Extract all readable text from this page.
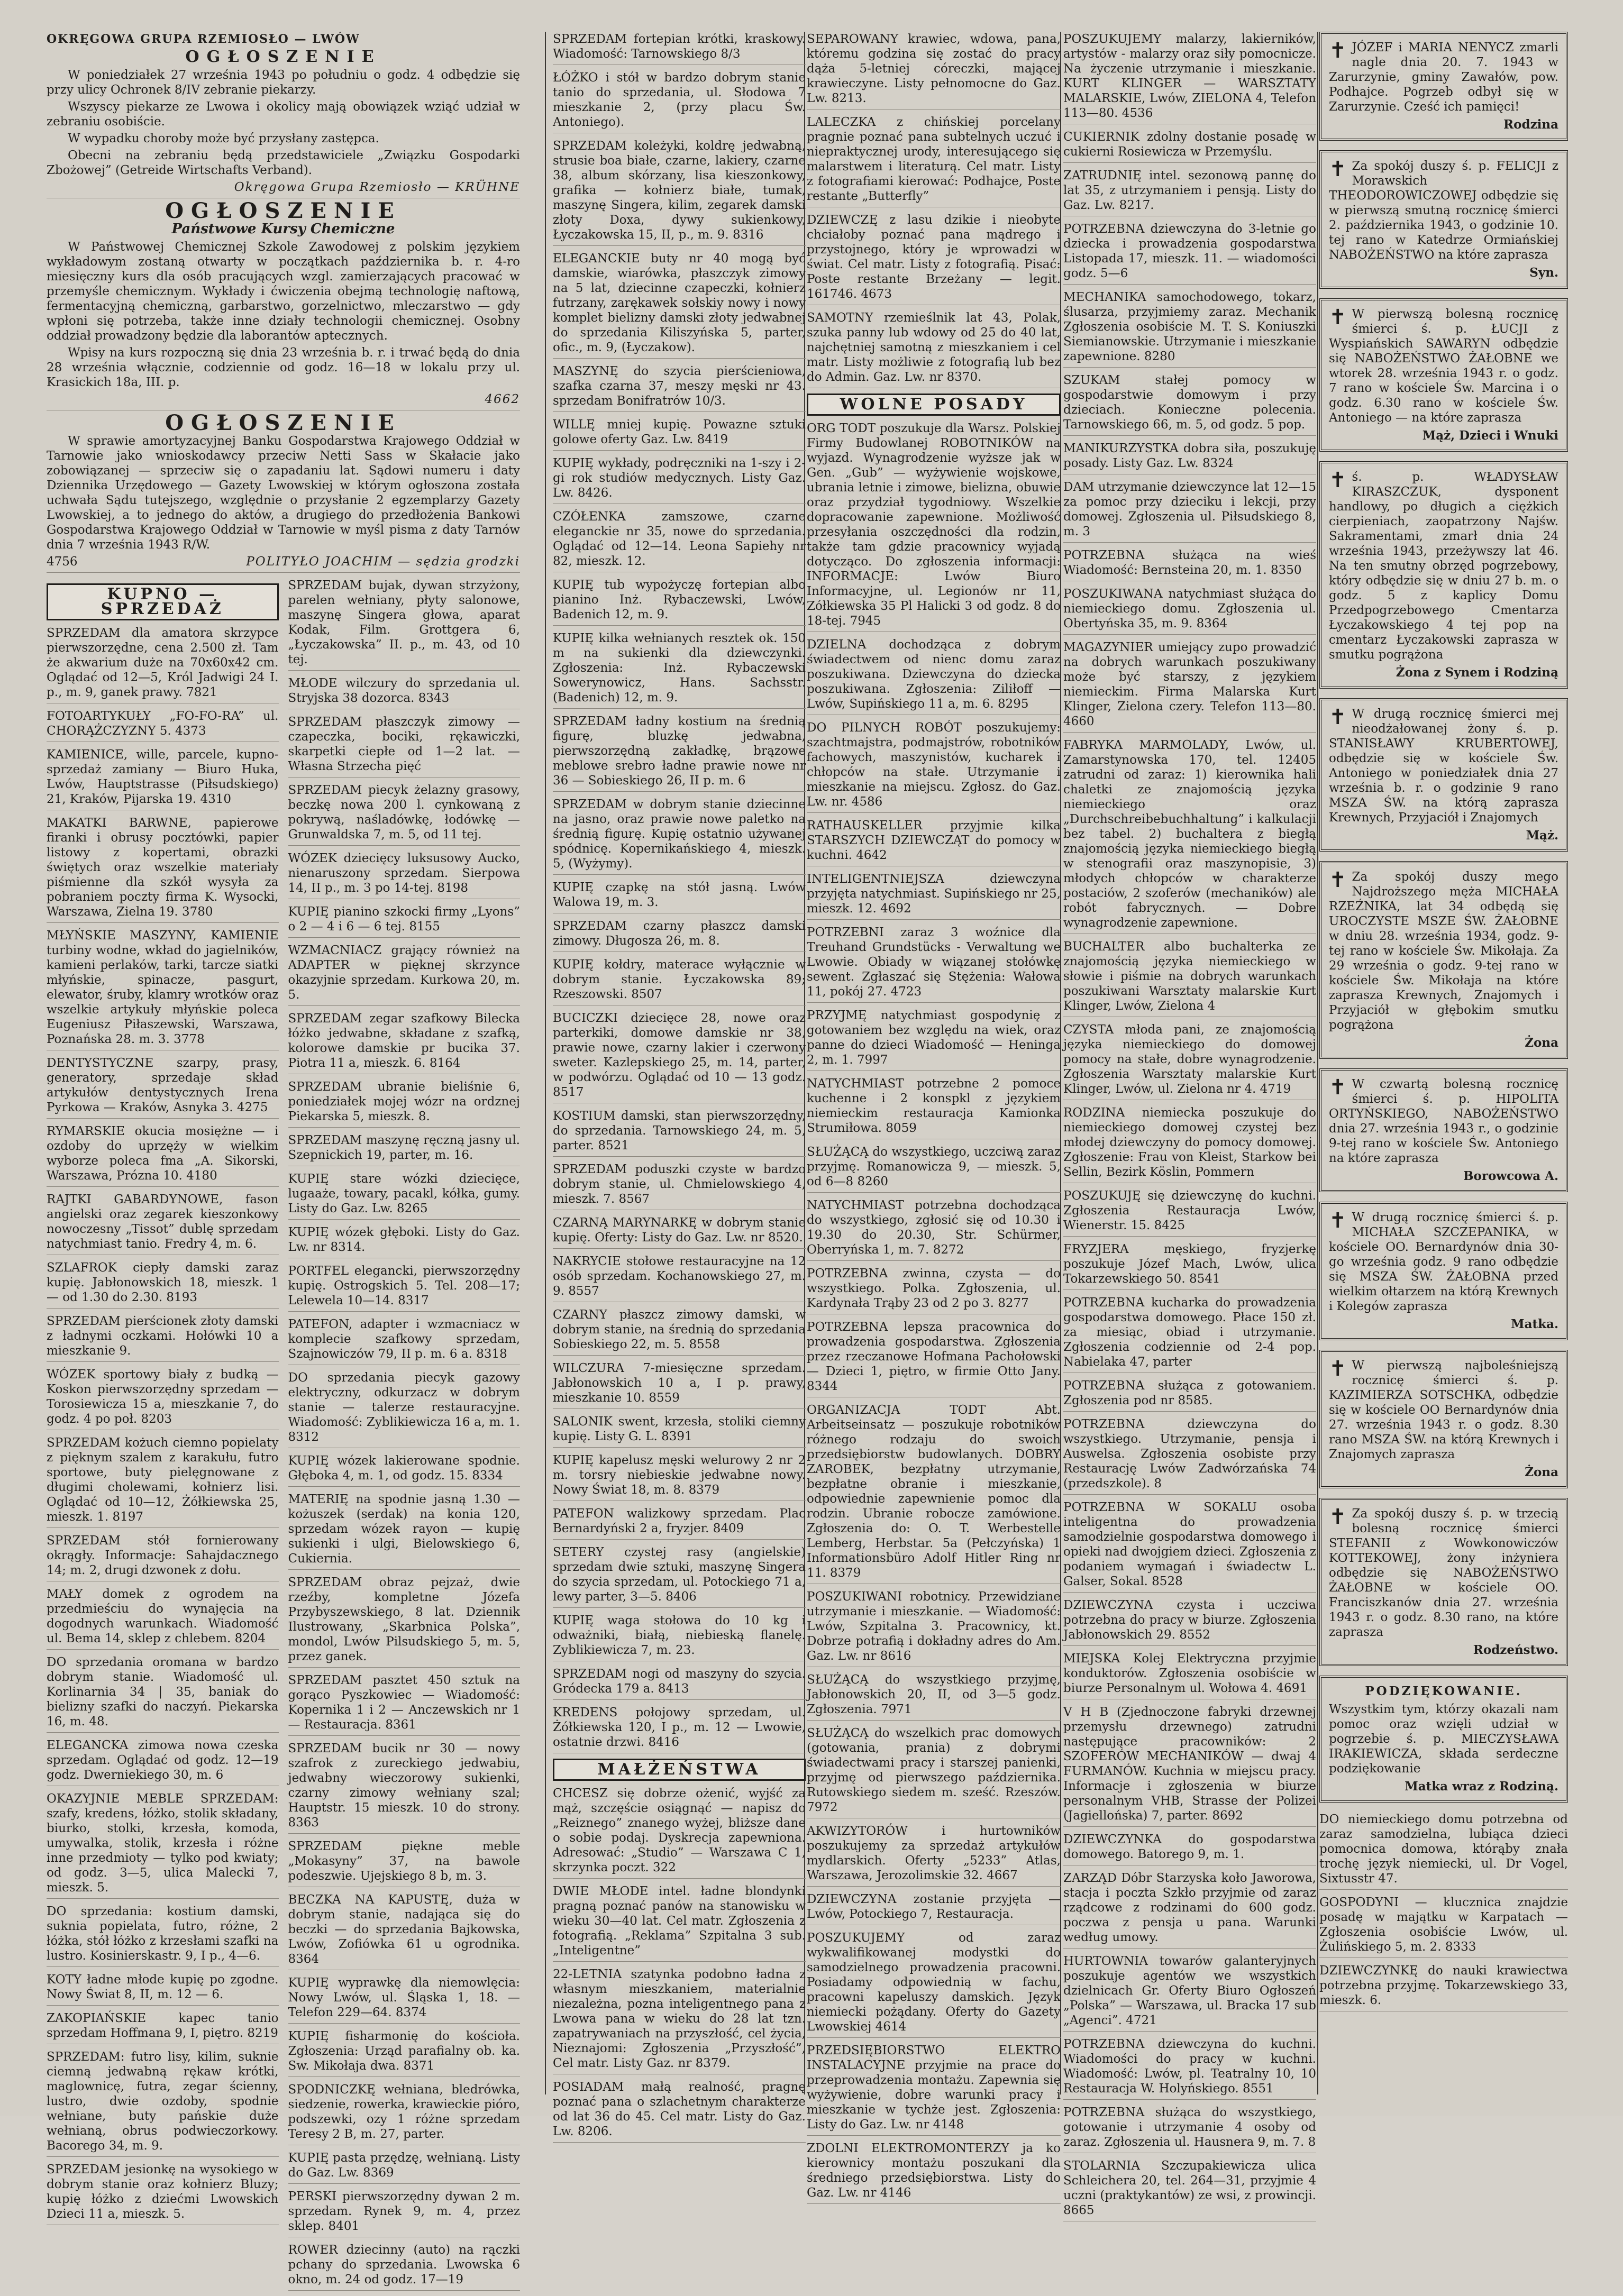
OKRĘGOWA GRUPA RZEMIOSŁO — LWÓW
OGŁOSZENIE

W poniedziałek 27 września 1943 po południu o godz. 4 odbędzie się przy ulicy Ochronek 8/IV zebranie piekarzy.

Wszyscy piekarze ze Lwowa i okolicy mają obowiązek wziąć udział w zebraniu osobiście.

W wypadku choroby może być przysłany zastępca.

Obecni na zebraniu będą przedstawiciele „Związku Gospodarki Zbożowej” (Getreide Wirtschafts Verband).

Okręgowa Grupa Rzemiosło — KRÜHNE
OGŁOSZENIE
Państwowe Kursy Chemiczne

W Państwowej Chemicznej Szkole Zawodowej z polskim językiem wykładowym zostaną otwarty w początkach października b. r. 4-ro miesięczny kurs dla osób pracujących wzgl. zamierzających pracować w przemyśle chemicznym. Wykłady i ćwiczenia obejmą technologię naftową, fermentacyjną chemiczną, garbarstwo, gorzelnictwo, mleczarstwo — gdy wpłoni się potrzeba, także inne działy technologii chemicznej. Osobny oddział prowadzony będzie dla laborantów aptecznych.

Wpisy na kurs rozpoczną się dnia 23 września b. r. i trwać będą do dnia 28 września włącznie, codziennie od godz. 16—18 w lokalu przy ul. Krasickich 18a, III. p.

4662
OGŁOSZENIE

W sprawie amortyzacyjnej Banku Gospodarstwa Krajowego Oddział w Tarnowie jako wnioskodawcy przeciw Netti Sass w Skałacie jako zobowiązanej — sprzeciw się o zapadaniu lat. Sądowi numeru i daty Dziennika Urzędowego — Gazety Lwowskiej w którym ogłoszona została uchwała Sądu tutejszego, względnie o przysłanie 2 egzemplarzy Gazety Lwowskiej, a to jednego do aktów, a drugiego do przedłożenia Bankowi Gospodarstwa Krajowego Oddział w Tarnowie w myśl pisma z daty Tarnów dnia 7 września 1943 R/W.

4756	POLITYŁO JOACHIM — sędzia grodzki
KUPNO — SPRZEDAŻ
SPRZEDAM dla amatora skrzypce pierwszorzędne, cena 2.500 zł. Tam że akwarium duże na 70x60x42 cm. Oglądać od 12—5, Król Jadwigi 24 I. p., m. 9, ganek prawy. 7821
FOTOARTYKUŁY „FO-FO-RA” ul. CHORĄŻCZYZNY 5. 4373
KAMIENICE, wille, parcele, kupno-sprzedaż zamiany — Biuro Huka, Lwów, Hauptstrasse (Piłsudskiego) 21, Kraków, Pijarska 19. 4310
MAKATKI BARWNE, papierowe firanki i obrusy pocztówki, papier listowy z kopertami, obrazki świętych oraz wszelkie materiały piśmienne dla szkół wysyła za pobraniem poczty firma K. Wysocki, Warszawa, Zielna 19. 3780
MŁYŃSKIE MASZYNY, KAMIENIE turbiny wodne, wkład do jagielników, kamieni perlaków, tarki, tarcze siatki młyńskie, spinacze, pasgurt, elewator, śruby, klamry wrotków oraz wszelkie artykuły młyńskie poleca Eugeniusz Piłaszewski, Warszawa, Poznańska 28. m. 3. 3778
DENTYSTYCZNE szarpy, prasy, generatory, sprzedaje skład artykułów dentystycznych Irena Pyrkowa — Kraków, Asnyka 3. 4275
RYMARSKIE okucia mosiężne — i ozdoby do uprzęży w wielkim wyborze poleca fma „A. Sikorski, Warszawa, Prózna 10. 4180
RAJTKI GABARDYNOWE, fason angielski oraz zegarek kieszonkowy nowoczesny „Tissot” dublę sprzedam natychmiast tanio. Fredry 4, m. 6.
SZLAFROK ciepły damski zaraz kupię. Jabłonowskich 18, mieszk. 1 — od 1.30 do 2.30. 8193
SPRZEDAM pierścionek złoty damski z ładnymi oczkami. Hołówki 10 a mieszkanie 9.
WÓZEK sportowy biały z budką — Koskon pierwszorzędny sprzedam — Torosiewicza 15 a, mieszkanie 7, do godz. 4 po poł. 8203
SPRZEDAM kożuch ciemno popielaty z pięknym szalem z karakułu, futro sportowe, buty pielęgnowane z długimi cholewami, kołnierz lisi. Oglądać od 10—12, Żółkiewska 25, mieszk. 1. 8197
SPRZEDAM stół fornierowany okrągły. Informacje: Sahajdacznego 14; m. 2, drugi dzwonek z dołu.
MAŁY domek z ogrodem na przedmieściu do wynajęcia na dogodnych warunkach. Wiadomość ul. Bema 14, sklep z chlebem. 8204
DO sprzedania oromana w bardzo dobrym stanie. Wiadomość ul. Korlinarnia 34 | 35, baniak do bielizny szafki do naczyń. Piekarska 16, m. 48.
ELEGANCKA zimowa nowa czeska sprzedam. Oglądać od godz. 12—19 godz. Dwerniekiego 30, m. 6
OKAZYJNIE MEBLE SPRZEDAM: szafy, kredens, łóżko, stolik składany, biurko, stolki, krzesła, komoda, umywalka, stolik, krzesła i różne inne przedmioty — tylko pod kwiaty; od godz. 3—5, ulica Malecki 7, mieszk. 5.
DO sprzedania: kostium damski, suknia popielata, futro, różne, 2 łóżka, stół łóżko z krzesłami szafki na lustro. Kosinierskastr. 9, I p., 4—6.
KOTY ładne młode kupię po zgodne. Nowy Świat 8, II, m. 12 — 6.
ZAKOPIAŃSKIE kapec tanio sprzedam Hoffmana 9, I, piętro. 8219
SPRZEDAM: futro lisy, kilim, suknie ciemną jedwabną rękaw krótki, maglownicę, futra, zegar ścienny, lustro, dwie ozdoby, spodnie wełniane, buty pańskie duże wełnianą, obrus podwieczorkowy. Bacorego 34, m. 9.
SPRZEDAM jesionkę na wysokiego w dobrym stanie oraz kołnierz Bluzy; kupię łóżko z dziećmi Lwowskich Dzieci 11 a, mieszk. 5.
SPRZEDAM bujak, dywan strzyżony, parelen wełniany, płyty salonowe, maszynę Singera głowa, aparat Kodak, Film. Grottgera 6, „Łyczakowska” II. p., m. 43, od 10 tej.
MŁODE wilczury do sprzedania ul. Stryjska 38 dozorca. 8343
SPRZEDAM płaszczyk zimowy — czapeczka, bociki, rękawiczki, skarpetki ciepłe od 1—2 lat. — Własna Strzecha pięć
SPRZEDAM piecyk żelazny grasowy, beczkę nowa 200 l. cynkowaną z pokrywą, naśladówkę, łodówkę — Grunwaldska 7, m. 5, od 11 tej.
WÓZEK dziecięcy luksusowy Aucko, nienaruszony sprzedam. Sierpowa 14, II p., m. 3 po 14-tej. 8198
KUPIĘ pianino szkocki firmy „Lyons” o 2 — 4 i 6 — 6 tej. 8155
WZMACNIACZ grający również na ADAPTER w pięknej skrzynce okazyjnie sprzedam. Kurkowa 20, m. 5.
SPRZEDAM zegar szafkowy Bilecka łóżko jedwabne, składane z szafką, kolorowe damskie pr bucika 37. Piotra 11 a, mieszk. 6. 8164
SPRZEDAM ubranie bieliśnie 6, poniedziałek mojej wózr na ordznej Piekarska 5, mieszk. 8.
SPRZEDAM maszynę ręczną jasny ul. Szepnickich 19, parter, m. 16.
KUPIĘ stare wózki dziecięce, lugaaże, towary, pacakl, kółka, gumy. Listy do Gaz. Lw. 8265
KUPIĘ wózek głęboki. Listy do Gaz. Lw. nr 8314.
PORTFEL elegancki, pierwszorzędny kupię. Ostrogskich 5. Tel. 208—17; Lelewela 10—14. 8317
PATEFON, adapter i wzmacniacz w komplecie szafkowy sprzedam, Szajnowiczów 79, II p. m. 6 a. 8318
DO sprzedania piecyk gazowy elektryczny, odkurzacz w dobrym stanie — talerze restauracyjne. Wiadomość: Zyblikiewicza 16 a, m. 1. 8312
KUPIĘ wózek lakierowane spodnie. Głęboka 4, m. 1, od godz. 15. 8334
MATERIĘ na spodnie jasną 1.30 — kożuszek (serdak) na konia 120, sprzedam wózek rayon — kupię sukienki i ulgi, Bielowskiego 6, Cukiernia.
SPRZEDAM obraz pejzaż, dwie rzeźby, kompletne Józefa Przybyszewskiego, 8 lat. Dziennik Ilustrowany, „Skarbnica Polska”, mondol, Lwów Pilsudskiego 5, m. 5, przez ganek.
SPRZEDAM pasztet 450 sztuk na gorąco Pyszkowiec — Wiadomość: Kopernika 1 i 2 — Anczewskich nr 1 — Restauracja. 8361
SPRZEDAM bucik nr 30 — nowy szafrok z zureckiego jedwabiu, jedwabny wieczorowy sukienki, czarny zimowy wełniany szal; Hauptstr. 15 mieszk. 10 do strony. 8363
SPRZEDAM piękne meble „Mokasyny” 37, na bawole podeszwie. Ujejskiego 8 b, m. 3.
BECZKA NA KAPUSTĘ, duża w dobrym stanie, nadająca się do beczki — do sprzedania Bajkowska, Lwów, Zofiówka 61 u ogrodnika. 8364
KUPIĘ wyprawkę dla niemowlęcia: Nowy Lwów, ul. Śląska 1, 18. — Telefon 229—64. 8374
KUPIĘ fisharmonię do kościoła. Zgłoszenia: Urząd parafialny ob. ka. Sw. Mikołaja dwa. 8371
SPODNICZKĘ wełniana, bledrówka, siedzenie, rowerka, krawieckie pióro, podszewki, ozy 1 różne sprzedam Teresy 2 B, m. 27, parter.
KUPIĘ pasta przędzę, wełnianą. Listy do Gaz. Lw. 8369
PERSKI pierwszorzędny dywan 2 m. sprzedam. Rynek 9, m. 4, przez sklep. 8401
ROWER dziecinny (auto) na rączki pchany do sprzedania. Lwowska 6 okno, m. 24 od godz. 17—19
SPRZEDAM fortepian krótki, kraskowy. Wiadomość: Tarnowskiego 8/3
ŁÓŻKO i stół w bardzo dobrym stanie tanio do sprzedania, ul. Słodowa 7 mieszkanie 2, (przy placu Św. Antoniego).
SPRZEDAM koleżyki, koldrę jedwabną, strusie boa białe, czarne, lakiery, czarne 38, album skórzany, lisa kieszonkowy, grafika — kołnierz białe, tumak, maszynę Singera, kilim, zegarek damski złoty Doxa, dywy sukienkowy, Łyczakowska 15, II, p., m. 9. 8316
ELEGANCKIE buty nr 40 mogą być damskie, wiarówka, płaszczyk zimowy na 5 lat, dziecinne czapeczki, kołnierz futrzany, zarękawek sołskiy nowy i nowy komplet bielizny damski złoty jedwabnej do sprzedania Kiliszyńska 5, parter, ofic., m. 9, (Łyczakow).
MASZYNĘ do szycia pierścieniowa, szafka czarna 37, meszy męski nr 43. sprzedam Bonifratrów 10/3.
WILLĘ mniej kupię. Powazne sztuki golowe oferty Gaz. Lw. 8419
KUPIĘ wykłady, podręczniki na 1-szy i 2-gi rok studiów medycznych. Listy Gaz. Lw. 8426.
CZÓŁENKA zamszowe, czarne eleganckie nr 35, nowe do sprzedania. Oglądać od 12—14. Leona Sapiehy nr 82, mieszk. 12.
KUPIĘ tub wypożyczę fortepian albo pianino Inż. Rybaczewski, Lwów, Badenich 12, m. 9.
KUPIĘ kilka wełnianych resztek ok. 150 m na sukienki dla dziewczynki. Zgłoszenia: Inż. Rybaczewski Sowerynowicz, Hans. Sachsstr. (Badenich) 12, m. 9.
SPRZEDAM ładny kostium na średnią figurę, bluzkę jedwabna, pierwszorzędną zakładkę, brązowe meblowe srebro ładne prawie nowe nr 36 — Sobieskiego 26, II p. m. 6
SPRZEDAM w dobrym stanie dziecinne na jasno, oraz prawie nowe paletko na średnią figurę. Kupię ostatnio używanej spódnicę. Kopernikańskiego 4, mieszk. 5, (Wyżymy).
KUPIĘ czapkę na stół jasną. Lwów Walowa 19, m. 3.
SPRZEDAM czarny płaszcz damski zimowy. Długosza 26, m. 8.
KUPIĘ kołdry, materace wyłącznie w dobrym stanie. Łyczakowska 89; Rzeszowski. 8507
BUCICZKI dziecięce 28, nowe oraz parterkiki, domowe damskie nr 38, prawie nowe, czarny lakier i czerwony sweter. Kazlepskiego 25, m. 14, parter, w podwórzu. Oglądać od 10 — 13 godz. 8517
KOSTIUM damski, stan pierwszorzędny, do sprzedania. Tarnowskiego 24, m. 5, parter. 8521
SPRZEDAM poduszki czyste w bardzo dobrym stanie, ul. Chmielowskiego 4, mieszk. 7. 8567
CZARNĄ MARYNARKĘ w dobrym stanie kupię. Oferty: Listy do Gaz. Lw. nr 8520.
NAKRYCIE stołowe restauracyjne na 12 osób sprzedam. Kochanowskiego 27, m. 9. 8557
CZARNY płaszcz zimowy damski, w dobrym stanie, na średnią do sprzedania Sobieskiego 22, m. 5. 8558
WILCZURA 7-miesięczne sprzedam. Jabłonowskich 10 a, I p. prawy, mieszkanie 10. 8559
SALONIK swent, krzesła, stoliki ciemny kupię. Listy G. L. 8391
KUPIĘ kapelusz męski welurowy 2 nr 2 m. torsry niebieskie jedwabne nowy. Nowy Świat 18, m. 8. 8379
PATEFON walizkowy sprzedam. Plac Bernardyński 2 a, fryzjer. 8409
SETERY czystej rasy (angielskie) sprzedam dwie sztuki, maszynę Singera do szycia sprzedam, ul. Potockiego 71 a, lewy parter, 3—5. 8406
KUPIĘ waga stołowa do 10 kg i odważniki, białą, niebieską flanelę. Zyblikiewicza 7, m. 23.
SPRZEDAM nogi od maszyny do szycia. Gródecka 179 a. 8413
KREDENS połojowy sprzedam, ul. Żółkiewska 120, I p., m. 12 — Lwowie, ostatnie drzwi. 8416
MAŁŻEŃSTWA
CHCESZ się dobrze ożenić, wyjść za mąż, szczęście osiągnąć — napisz do „Reiznego” znanego wyżej, bliższe dane o sobie podaj. Dyskrecja zapewniona. Adresować: „Studio” — Warszawa C 1, skrzynka poczt. 322
DWIE MŁODE intel. ładne blondynki pragną poznać panów na stanowisku w wieku 30—40 lat. Cel matr. Zgłoszenia z fotografią. „Reklama” Szpitalna 3 sub. „Inteligentne”
22-LETNIA szatynka podobno ładna z własnym mieszkaniem, materialnie niezależna, pozna inteligentnego pana z Lwowa pana w wieku do 28 lat tzn. zapatrywaniach na przyszłość, cel życia, Nieznajomi: Zgłoszenia „Przyszłość”, Cel matr. Listy Gaz. nr 8379.
POSIADAM małą realność, pragnę poznać pana o szlachetnym charakterze od lat 36 do 45. Cel matr. Listy do Gaz. Lw. 8206.
SEPAROWANY krawiec, wdowa, pana, któremu godzina się zostać do pracy dąża 5-letniej córeczki, mającej krawieczyne. Listy pełnomocne do Gaz. Lw. 8213.
LALECZKA z chińskiej porcelany pragnie poznać pana subtelnych uczuć i niepraktycznej urody, interesującego się malarstwem i literaturą. Cel matr. Listy z fotografiami kierować: Podhajce, Poste restante „Butterfly”
DZIEWCZĘ z lasu dzikie i nieobyte chciałoby poznać pana mądrego i przystojnego, który je wprowadzi w świat. Cel matr. Listy z fotografią. Pisać: Poste restante Brzeżany — legit. 161746. 4673
SAMOTNY rzemieślnik lat 43, Polak, szuka panny lub wdowy od 25 do 40 lat, najchętniej samotną z mieszkaniem i cel matr. Listy możliwie z fotografią lub bez do Admin. Gaz. Lw. nr 8370.
WOLNE POSADY
ORG TODT poszukuje dla Warsz. Polskiej Firmy Budowlanej ROBOTNIKÓW na wyjazd. Wynagrodzenie wyższe jak w Gen. „Gub” — wyżywienie wojskowe, ubrania letnie i zimowe, bielizna, obuwie oraz przydział tygodniowy. Wszelkie dopracowanie zapewnione. Możliwość przesyłania oszczędności dla rodzin, także tam gdzie pracownicy wyjadą dotycząco. Do zgłoszenia informacji: INFORMACJE: Lwów Biuro Informacyjne, ul. Legionów nr 11, Zółkiewska 35 Pl Halicki 3 od godz. 8 do 18-tej. 7945
DZIELNA dochodząca z dobrym świadectwem od nienc domu zaraz poszukiwana. Dziewczyna do dziecka poszukiwana. Zgłoszenia: Ziliłoff — Lwów, Supińskiego 11 a, m. 6. 8295
DO PILNYCH ROBÓT poszukujemy: szachtmajstra, podmajstrów, robotników fachowych, maszynistów, kucharek i chłopców na stałe. Utrzymanie i mieszkanie na miejscu. Zgłosz. do Gaz. Lw. nr. 4586
RATHAUSKELLER przyjmie kilka STARSZYCH DZIEWCZĄT do pomocy w kuchni. 4642
INTELIGENTNIEJSZA dziewczyna przyjęta natychmiast. Supińskiego nr 25, mieszk. 12. 4692
POTRZEBNI zaraz 3 woźnice dla Treuhand Grundstücks - Verwaltung we Lwowie. Obiady w wiązanej stołówkę sewent. Zgłaszać się Stężenia: Wałowa 11, pokój 27. 4723
PRZYJMĘ natychmiast gospodynię z gotowaniem bez względu na wiek, oraz panne do dzieci Wiadomość — Heninga 2, m. 1. 7997
NATYCHMIAST potrzebne 2 pomoce kuchenne i 2 konspkl z językiem niemieckim restauracja Kamionka Strumiłowa. 8059
SŁUŻĄCĄ do wszystkiego, uczciwą zaraz przyjmę. Romanowicza 9, — mieszk. 5, od 6—8 8260
NATYCHMIAST potrzebna dochodząca do wszystkiego, zgłosić się od 10.30 i 19.30 do 20.30, Str. Schürmer, Oberryńska 1, m. 7. 8272
POTRZEBNA zwinna, czysta — do wszystkiego. Polka. Zgłoszenia, ul. Kardynała Trąby 23 od 2 po 3. 8277
POTRZEBNA lepsza pracownica do prowadzenia gospodarstwa. Zgłoszenia przez rzeczanowe Hofmana Pachołowski — Dzieci 1, piętro, w firmie Otto Jany. 8344
ORGANIZACJA TODT Abt. Arbeitseinsatz — poszukuje robotników różnego rodzaju do swoich przedsiębiorstw budowlanych. DOBRY ZAROBEK, bezpłatny utrzymanie, bezpłatne obranie i mieszkanie, odpowiednie zapewnienie pomoc dla rodzin. Ubranie robocze zamówione. Zgłoszenia do: O. T. Werbestelle Lemberg, Herbstar. 5a (Pełczyńska) 1 Informationsbüro Adolf Hitler Ring nr 11. 8379
POSZUKIWANI robotnicy. Przewidziane utrzymanie i mieszkanie. — Wiadomość: Lwów, Szpitalna 3. Pracownicy, kt. Dobrze potrafią i dokładny adres do Am. Gaz. Lw. nr 8616
SŁUŻĄCĄ do wszystkiego przyjmę, Jabłonowskich 20, II, od 3—5 godz. Zgłoszenia. 7971
SŁUŻĄCĄ do wszelkich prac domowych (gotowania, prania) z dobrymi świadectwami pracy i starszej panienki, przyjmę od pierwszego października. Rutowskiego siedem m. sześć. Rzeszów. 7972
AKWIZYTORÓW i hurtowników poszukujemy za sprzedaż artykułów mydlarskich. Oferty „5233” Atlas, Warszawa, Jerozolimskie 32. 4667
DZIEWCZYNA zostanie przyjęta — Lwów, Potockiego 7, Restauracja.
POSZUKUJEMY od zaraz wykwalifikowanej modystki do samodzielnego prowadzenia pracowni. Posiadamy odpowiednią w fachu, pracowni kapeluszy damskich. Język niemiecki pożądany. Oferty do Gazety Lwowskiej 4614
PRZEDSIĘBIORSTWO ELEKTRO INSTALACYJNE przyjmie na prace do przeprowadzenia montażu. Zapewnia się wyżywienie, dobre warunki pracy i mieszkanie w tychże jest. Zgłoszenia: Listy do Gaz. Lw. nr 4148
ZDOLNI ELEKTROMONTERZY ja ko kierownicy montażu poszukani dla średniego przedsiębiorstwa. Listy do Gaz. Lw. nr 4146
POSZUKUJEMY malarzy, lakierników, artystów - malarzy oraz siły pomocnicze. Na życzenie utrzymanie i mieszkanie. KURT KLINGER — WARSZTATY MALARSKIE, Lwów, ZIELONA 4, Telefon 113—80. 4536
CUKIERNIK zdolny dostanie posadę w cukierni Rosiewicza w Przemyślu.
ZATRUDNIĘ intel. sezonową pannę do lat 35, z utrzymaniem i pensją. Listy do Gaz. Lw. 8217.
POTRZEBNA dziewczyna do 3-letnie go dziecka i prowadzenia gospodarstwa Listopada 17, mieszk. 11. — wiadomości godz. 5—6
MECHANIKA samochodowego, tokarz, ślusarza, przyjmiemy zaraz. Mechanik Zgłoszenia osobiście M. T. S. Koniuszki Siemianowskie. Utrzymanie i mieszkanie zapewnione. 8280
SZUKAM stałej pomocy w gospodarstwie domowym i przy dzieciach. Konieczne polecenia. Tarnowskiego 66, m. 5, od godz. 5 pop.
MANIKURZYSTKA dobra siła, poszukuję posady. Listy Gaz. Lw. 8324
DAM utrzymanie dziewczynce lat 12—15 za pomoc przy dzieciku i lekcji, przy domowej. Zgłoszenia ul. Piłsudskiego 8, m. 3
POTRZEBNA służąca na wieś Wiadomość: Bernsteina 20, m. 1. 8350
POSZUKIWANA natychmiast służąca do niemieckiego domu. Zgłoszenia ul. Obertyńska 35, m. 9. 8364
MAGAZYNIER umiejący zupo prowadzić na dobrych warunkach poszukiwany może być starszy, z językiem niemieckim. Firma Malarska Kurt Klinger, Zielona czery. Telefon 113—80. 4660
FABRYKA MARMOLADY, Lwów, ul. Zamarstynowska 170, tel. 12405 zatrudni od zaraz: 1) kierownika hali chaletki ze znajomością języka niemieckiego oraz „Durchschreibebuchhaltung” i kalkulacji bez tabel. 2) buchaltera z biegłą znajomością języka niemieckiego biegłą w stenografii oraz maszynopisie, 3) młodych chłopców w charakterze postaciów, 2 szoferów (mechaników) ale robót fabrycznych. — Dobre wynagrodzenie zapewnione.
BUCHALTER albo buchalterka ze znajomością języka niemieckiego w słowie i piśmie na dobrych warunkach poszukiwani Warsztaty malarskie Kurt Klinger, Lwów, Zielona 4
CZYSTA młoda pani, ze znajomością języka niemieckiego do domowej pomocy na stałe, dobre wynagrodzenie. Zgłoszenia Warsztaty malarskie Kurt Klinger, Lwów, ul. Zielona nr 4. 4719
RODZINA niemiecka poszukuje do niemieckiego domowej czystej bez młodej dziewczyny do pomocy domowej. Zgłoszenie: Frau von Kleist, Starkow bei Sellin, Bezirk Köslin, Pommern
POSZUKUJĘ się dziewczynę do kuchni. Zgłoszenia Restauracja Lwów, Wienerstr. 15. 8425
FRYZJERA męskiego, fryzjerkę poszukuje Józef Mach, Lwów, ulica Tokarzewskiego 50. 8541
POTRZEBNA kucharka do prowadzenia gospodarstwa domowego. Płace 150 zł. za miesiąc, obiad i utrzymanie. Zgłoszenia codziennie od 2-4 pop. Nabielaka 47, parter
POTRZEBNA służąca z gotowaniem. Zgłoszenia pod nr 8585.
POTRZEBNA dziewczyna do wszystkiego. Utrzymanie, pensja i Auswelsa. Zgłoszenia osobiste przy Restaurację Lwów Zadwórzańska 74 (przedszkole). 8
POTRZEBNA W SOKALU osoba inteligentna do prowadzenia samodzielnie gospodarstwa domowego i opieki nad dwojgiem dzieci. Zgłoszenia z podaniem wymagań i świadectw L. Galser, Sokal. 8528
DZIEWCZYNA czysta i uczciwa potrzebna do pracy w biurze. Zgłoszenia Jabłonowskich 29. 8552
MIEJSKA Kolej Elektryczna przyjmie konduktorów. Zgłoszenia osobiście w biurze Personalnym ul. Wołowa 4. 4691
V H B (Zjednoczone fabryki drzewnej przemysłu drzewnego) zatrudni następujące pracowników: 2 SZOFERÓW MECHANIKÓW — dwaj 4 FURMANÓW. Kuchnia w miejscu pracy. Informacje i zgłoszenia w biurze personalnym VHB, Strasse der Polizei (Jagiellońska) 7, parter. 8692
DZIEWCZYNKA do gospodarstwa domowego. Batorego 9, m. 1.
ZARZĄD Dóbr Starzyska koło Jaworowa, stacja i poczta Szkło przyjmie od zaraz rządcowe z rodzinami do 600 godz. poczwa z pensja u pana. Warunki według umowy.
HURTOWNIA towarów galanteryjnych poszukuje agentów we wszystkich dzielnicach Gr. Oferty Biuro Ogłoszeń „Polska” — Warszawa, ul. Bracka 17 sub „Agenci”. 4721
POTRZEBNA dziewczyna do kuchni. Wiadomości do pracy w kuchni. Wiadomość: Lwów, pl. Teatralny 10, 10 Restauracja W. Holyńskiego. 8551
POTRZEBNA służąca do wszystkiego, gotowanie i utrzymanie 4 osoby od zaraz. Zgłoszenia ul. Hausnera 9, m. 7. 8
STOLARNIA Szczupakiewicza ulica Schleichera 20, tel. 264—31, przyjmie 4 uczni (praktykantów) ze wsi, z prowincji. 8665
✝ JÓZEF i MARIA NENYCZ zmarli nagle dnia 20. 7. 1943 w Zarurzynie, gminy Zawałów, pow. Podhajce. Pogrzeb odbył się w Zarurzynie. Cześć ich pamięci!
Rodzina
✝ Za spokój duszy ś. p. FELICJI z Morawskich THEODOROWICZOWEJ odbędzie się w pierwszą smutną rocznicę śmierci 2. października 1943, o godzinie 10. tej rano w Katedrze Ormiańskiej NABOŻEŃSTWO na które zaprasza
Syn.
✝ W pierwszą bolesną rocznicę śmierci ś. p. ŁUCJI z Wyspiańskich SAWARYN odbędzie się NABOŻEŃSTWO ŻAŁOBNE we wtorek 28. września 1943 r. o godz. 7 rano w kościele Św. Marcina i o godz. 6.30 rano w kościele Św. Antoniego — na które zaprasza
Mąż, Dzieci i Wnuki
✝ ś. p. WŁADYSŁAW KIRASZCZUK, dysponent handlowy, po długich a ciężkich cierpieniach, zaopatrzony Najśw. Sakramentami, zmarł dnia 24 września 1943, przeżywszy lat 46. Na ten smutny obrzęd pogrzebowy, który odbędzie się w dniu 27 b. m. o godz. 5 z kaplicy Domu Przedpogrzebowego Cmentarza Łyczakowskiego 4 tej pop na cmentarz Łyczakowski zaprasza w smutku pogrążona
Żona z Synem i Rodziną
✝ W drugą rocznicę śmierci mej nieodżałowanej żony ś. p. STANISŁAWY KRUBERTOWEJ, odbędzie się w kościele Św. Antoniego w poniedziałek dnia 27 września b. r. o godzinie 9 rano MSZA ŚW. na którą zaprasza Krewnych, Przyjaciół i Znajomych
Mąż.
✝ Za spokój duszy mego Najdroższego męża MICHAŁA RZEŹNIKA, lat 34 odbędą się UROCZYSTE MSZE ŚW. ŻAŁOBNE w dniu 28. września 1934, godz. 9-tej rano w kościele Św. Mikołaja. Za 29 września o godz. 9-tej rano w kościele Św. Mikołaja na które zaprasza Krewnych, Znajomych i Przyjaciół w głębokim smutku pogrążona
Żona
✝ W czwartą bolesną rocznicę śmierci ś. p. HIPOLITA ORTYŃSKIEGO, NABOŻEŃSTWO dnia 27. września 1943 r., o godzinie 9-tej rano w kościele Św. Antoniego na które zaprasza
Borowcowa A.
✝ W drugą rocznicę śmierci ś. p. MICHAŁA SZCZEPANIKA, w kościele OO. Bernardynów dnia 30-go września godz. 9 rano odbędzie się MSZA ŚW. ŻAŁOBNA przed wielkim ołtarzem na którą Krewnych i Kolegów zaprasza
Matka.
✝ W pierwszą najboleśniejszą rocznicę śmierci ś. p. KAZIMIERZA SOTSCHKA, odbędzie się w kościele OO Bernardynów dnia 27. września 1943 r. o godz. 8.30 rano MSZA ŚW. na którą Krewnych i Znajomych zaprasza
Żona
✝ Za spokój duszy ś. p. w trzecią bolesną rocznicę śmierci STEFANII z Wowkonowiczów KOTTEKOWEJ, żony inżyniera odbędzie się NABOŻEŃSTWO ŻAŁOBNE w kościele OO. Franciszkanów dnia 27. września 1943 r. o godz. 8.30 rano, na które zaprasza
Rodzeństwo.
PODZIĘKOWANIE.
Wszystkim tym, którzy okazali nam pomoc oraz wzięli udział w pogrzebie ś. p. MIECZYSŁAWA IRAKIEWICZA, składa serdeczne podziękowanie
Matka wraz z Rodziną.
DO niemieckiego domu potrzebna od zaraz samodzielna, lubiąca dzieci pomocnica domowa, którąby znała trochę język niemiecki, ul. Dr Vogel, Sixtusstr 47.
GOSPODYNI — klucznica znajdzie posadę w majątku w Karpatach — Zgłoszenia osobiście Lwów, ul. Żulińskiego 5, m. 2. 8333
DZIEWCZYNKĘ do nauki krawiectwa potrzebna przyjmę. Tokarzewskiego 33, mieszk. 6.
